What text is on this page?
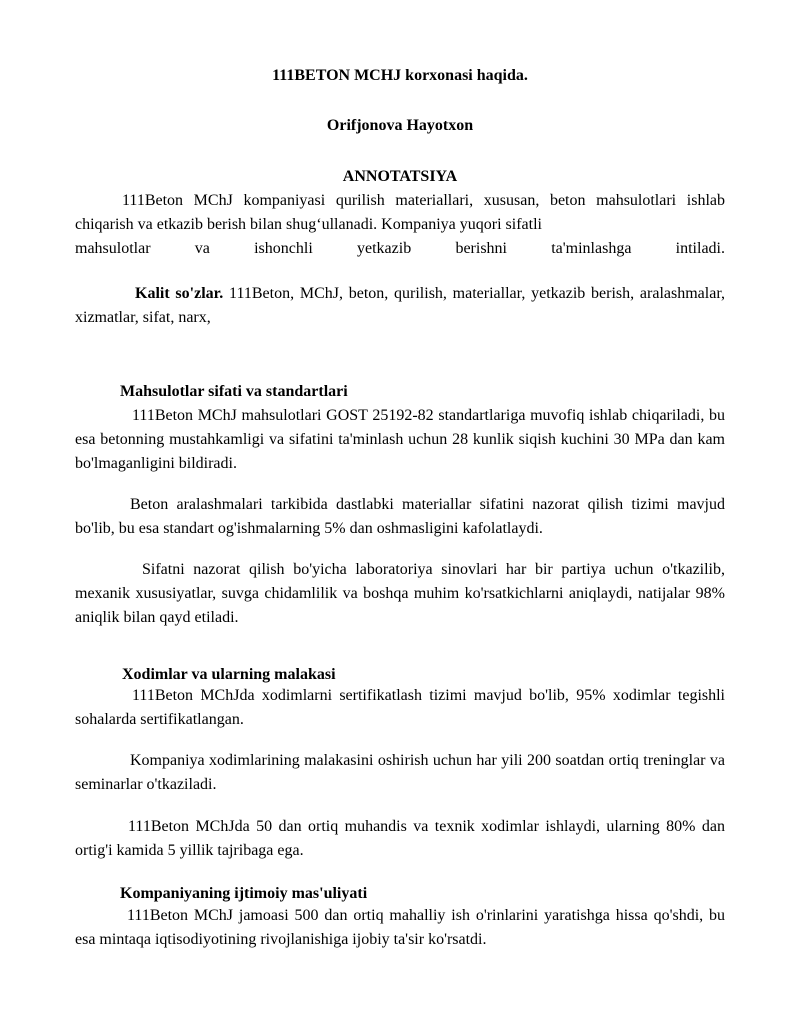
111BETON MCHJ korxonasi haqida.

Orifjonova Hayotxon

ANNOTATSIYA

111Beton MChJ kompaniyasi qurilish materiallari, xususan, beton mahsulotlari ishlab chiqarish va etkazib berish bilan shug‘ullanadi. Kompaniya yuqori sifatli

mahsulotlar va ishonchli yetkazib berishni ta'minlashga intiladi.

Kalit so'zlar. 111Beton, MChJ, beton, qurilish, materiallar, yetkazib berish, aralashmalar, xizmatlar, sifat, narx,

Mahsulotlar sifati va standartlari

111Beton MChJ mahsulotlari GOST 25192-82 standartlariga muvofiq ishlab chiqariladi, bu esa betonning mustahkamligi va sifatini ta'minlash uchun 28 kunlik siqish kuchini 30 MPa dan kam bo'lmaganligini bildiradi.

Beton aralashmalari tarkibida dastlabki materiallar sifatini nazorat qilish tizimi mavjud bo'lib, bu esa standart og'ishmalarning 5% dan oshmasligini kafolatlaydi.

Sifatni nazorat qilish bo'yicha laboratoriya sinovlari har bir partiya uchun o'tkazilib, mexanik xususiyatlar, suvga chidamlilik va boshqa muhim ko'rsatkichlarni aniqlaydi, natijalar 98% aniqlik bilan qayd etiladi.

Xodimlar va ularning malakasi

111Beton MChJda xodimlarni sertifikatlash tizimi mavjud bo'lib, 95% xodimlar tegishli sohalarda sertifikatlangan.

Kompaniya xodimlarining malakasini oshirish uchun har yili 200 soatdan ortiq treninglar va seminarlar o'tkaziladi.

111Beton MChJda 50 dan ortiq muhandis va texnik xodimlar ishlaydi, ularning 80% dan ortig'i kamida 5 yillik tajribaga ega.

Kompaniyaning ijtimoiy mas'uliyati

111Beton MChJ jamoasi 500 dan ortiq mahalliy ish o'rinlarini yaratishga hissa qo'shdi, bu esa mintaqa iqtisodiyotining rivojlanishiga ijobiy ta'sir ko'rsatdi.
